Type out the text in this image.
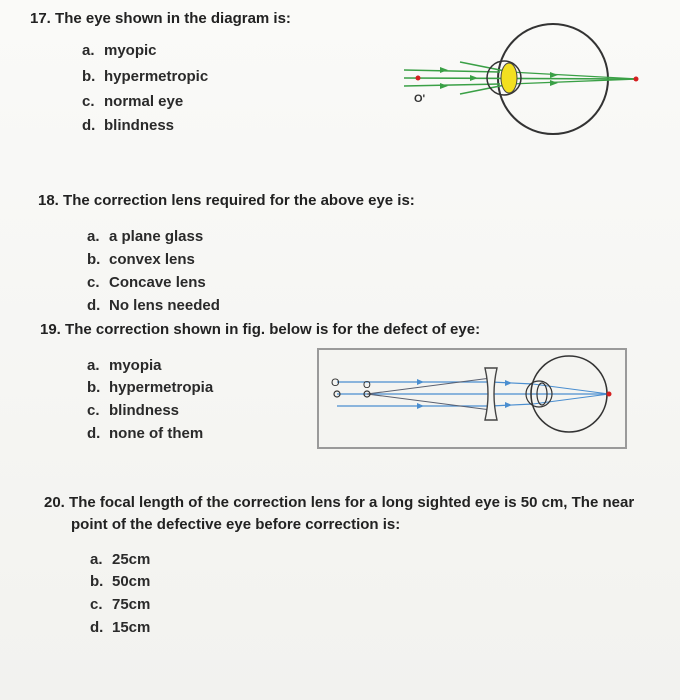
17. The eye shown in the diagram is:
a. myopic
b. hypermetropic
c. normal eye
d. blindness
O'
18. The correction lens required for the above eye is:
a. a plane glass
b. convex lens
c. Concave lens
d. No lens needed
19. The correction shown in fig. below is for the defect of eye:
a. myopia
b. hypermetropia
c. blindness
d. none of them
O O
20. The focal length of the correction lens for a long sighted eye is 50 cm, The near
point of the defective eye before correction is:
a. 25cm
b. 50cm
c. 75cm
d. 15cm
